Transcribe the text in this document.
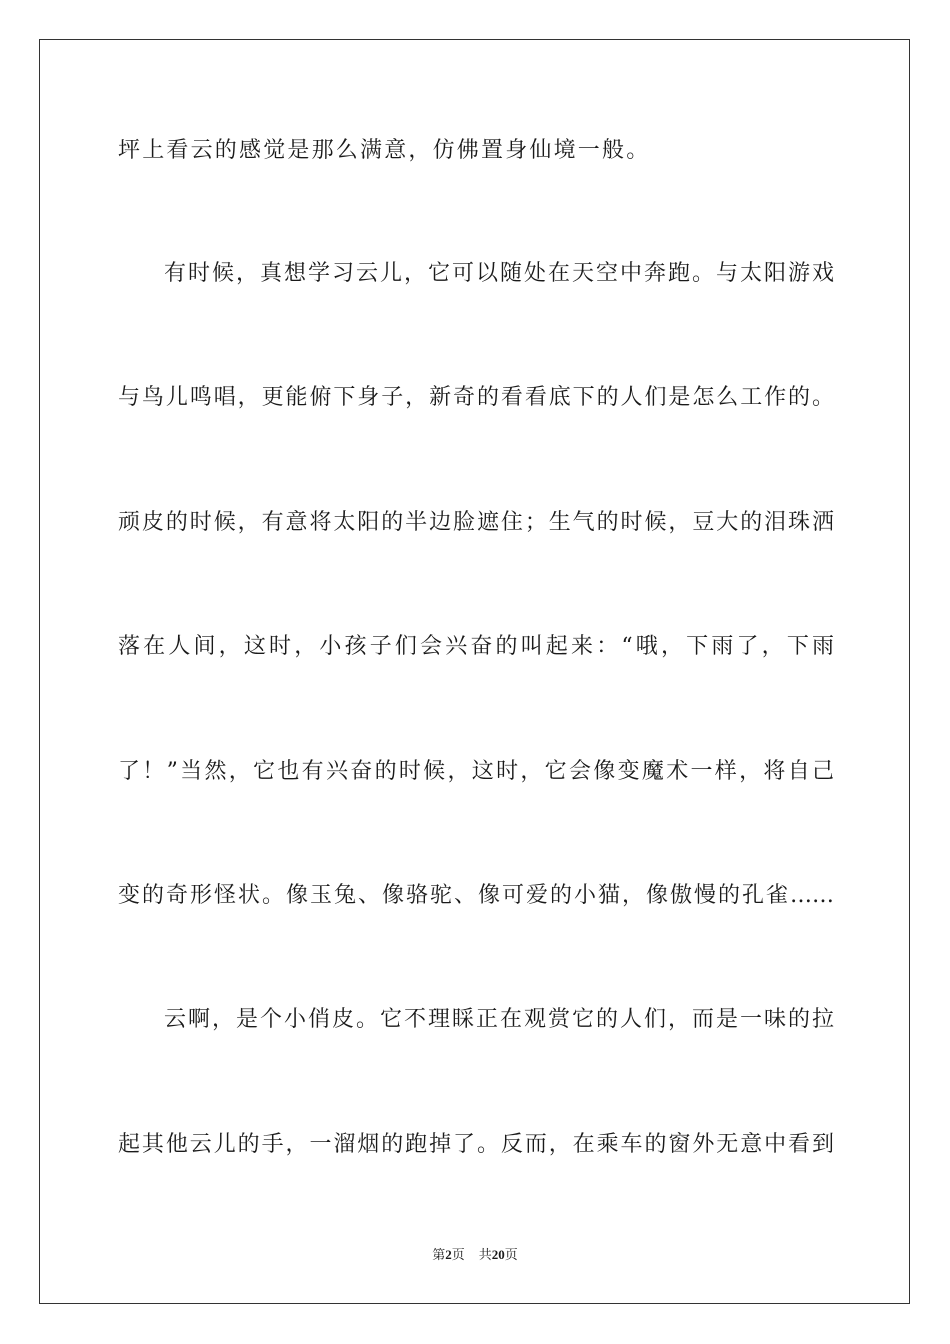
坪上看云的感觉是那么满意，仿佛置身仙境一般。
有时候，真想学习云儿，它可以随处在天空中奔跑。与太阳游戏
与鸟儿鸣唱，更能俯下身子，新奇的看看底下的人们是怎么工作的。
顽皮的时候，有意将太阳的半边脸遮住；生气的时候，豆大的泪珠洒
落在人间，这时，小孩子们会兴奋的叫起来：“哦，下雨了，下雨
了！”当然，它也有兴奋的时候，这时，它会像变魔术一样，将自己
变的奇形怪状。像玉兔、像骆驼、像可爱的小猫，像傲慢的孔雀……
云啊，是个小俏皮。它不理睬正在观赏它的人们，而是一味的拉
起其他云儿的手，一溜烟的跑掉了。反而，在乘车的窗外无意中看到
第2页 共20页
